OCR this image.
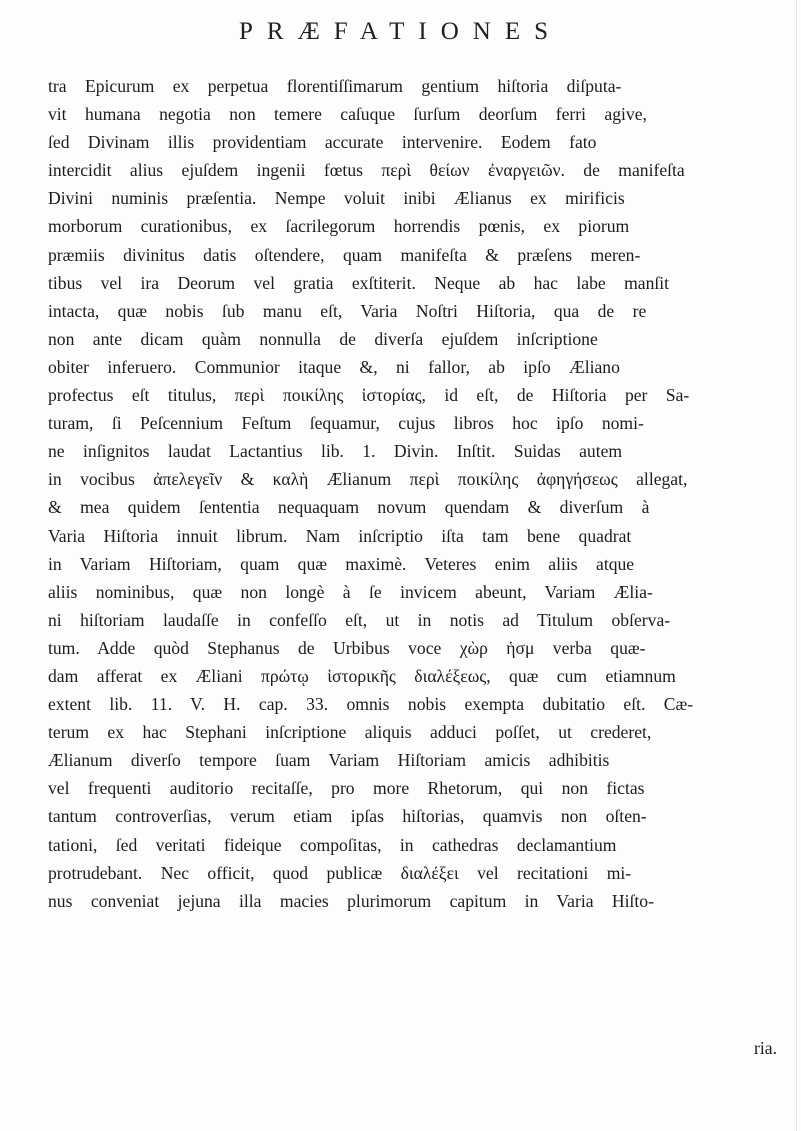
PRÆFATIONES

tra Epicurum ex perpetua florentiſſimarum gentium hiſtoria diſputa-

vit humana negotia non temere caſuque ſurſum deorſum ferri agive,

ſed Divinam illis providentiam accurate intervenire. Eodem fato

intercidit alius ejuſdem ingenii fœtus περὶ θείων ἐναργειῶν. de manifeſta

Divini numinis præſentia. Nempe voluit inibi Ælianus ex mirificis

morborum curationibus, ex ſacrilegorum horrendis pœnis, ex piorum

præmiis divinitus datis oſtendere, quam manifeſta & præſens meren-

tibus vel ira Deorum vel gratia exſtiterit. Neque ab hac labe manſit

intacta, quæ nobis ſub manu eſt, Varia Noſtri Hiſtoria, qua de re

non ante dicam quàm nonnulla de diverſa ejuſdem inſcriptione

obiter inferuero. Communior itaque &, ni fallor, ab ipſo Æliano

profectus eſt titulus, περὶ ποικίλης ἱστορίας, id eſt, de Hiſtoria per Sa-

turam, ſi Peſcennium Feſtum ſequamur, cujus libros hoc ipſo nomi-

ne inſignitos laudat Lactantius lib. 1. Divin. Inſtit. Suidas autem

in vocibus ἀπελεγεῖν & καλὴ Ælianum περὶ ποικίλης ἀφηγήσεως allegat,

& mea quidem ſententia nequaquam novum quendam & diverſum à

Varia Hiſtoria innuit librum. Nam inſcriptio iſta tam bene quadrat

in Variam Hiſtoriam, quam quæ maximè. Veteres enim aliis atque

aliis nominibus, quæ non longè à ſe invicem abeunt, Variam Ælia-

ni hiſtoriam laudaſſe in confeſſo eſt, ut in notis ad Titulum obſerva-

tum. Adde quòd Stephanus de Urbibus voce χὼρ ἡσμ verba quæ-

dam afferat ex Æliani πρώτῳ ἱστορικῆς διαλέξεως, quæ cum etiamnum

extent lib. 11. V. H. cap. 33. omnis nobis exempta dubitatio eſt. Cæ-

terum ex hac Stephani inſcriptione aliquis adduci poſſet, ut crederet,

Ælianum diverſo tempore ſuam Variam Hiſtoriam amicis adhibitis

vel frequenti auditorio recitaſſe, pro more Rhetorum, qui non fictas

tantum controverſias, verum etiam ipſas hiſtorias, quamvis non oſten-

tationi, ſed veritati fideique compoſitas, in cathedras declamantium

protrudebant. Nec officit, quod publicæ διαλέξει vel recitationi mi-

nus conveniat jejuna illa macies plurimorum capitum in Varia Hiſto-

ria.
